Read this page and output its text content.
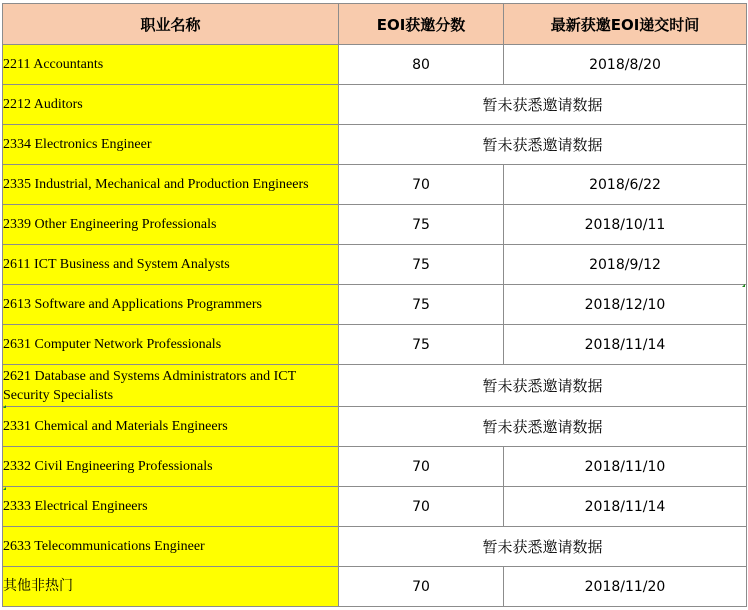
职业名称	EOI获邀分数	最新获邀EOI递交时间
2211 Accountants	80	2018/8/20
2212 Auditors	暂未获悉邀请数据	
2334 Electronics Engineer	暂未获悉邀请数据	
2335 Industrial, Mechanical and Production Engineers	70	2018/6/22
2339 Other Engineering Professionals	75	2018/10/11
2611 ICT Business and System Analysts	75	2018/9/12
2613 Software and Applications Programmers	75	2018/12/10
2631 Computer Network Professionals	75	2018/11/14
2621 Database and Systems Administrators and ICT Security Specialists	暂未获悉邀请数据	
2331 Chemical and Materials Engineers	暂未获悉邀请数据	
2332 Civil Engineering Professionals	70	2018/11/10
2333 Electrical Engineers	70	2018/11/14
2633 Telecommunications Engineer	暂未获悉邀请数据	
其他非热门	70	2018/11/20
